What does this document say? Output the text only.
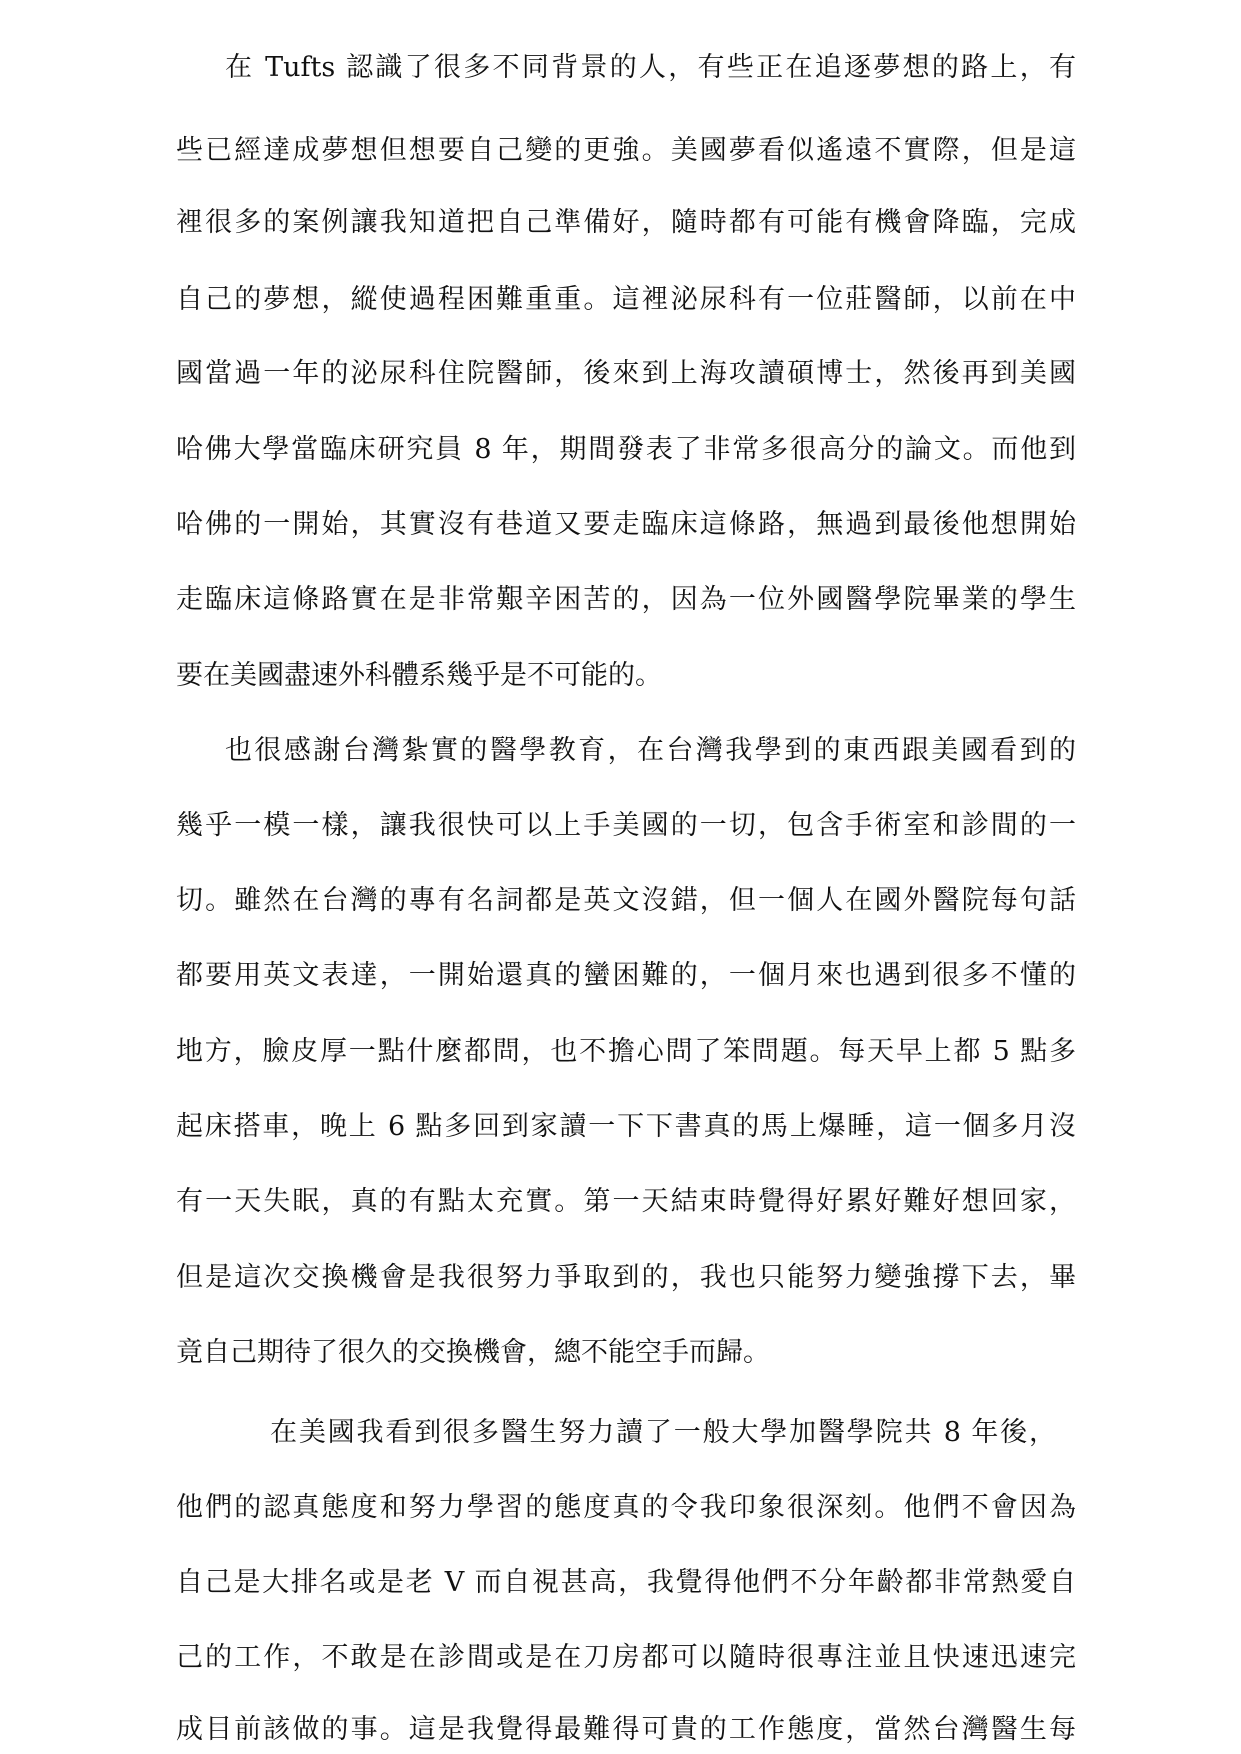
在 Tufts 認識了很多不同背景的人，有些正在追逐夢想的路上，有
些已經達成夢想但想要自己變的更強。美國夢看似遙遠不實際，但是這
裡很多的案例讓我知道把自己準備好，隨時都有可能有機會降臨，完成
自己的夢想，縱使過程困難重重。這裡泌尿科有一位莊醫師，以前在中
國當過一年的泌尿科住院醫師，後來到上海攻讀碩博士，然後再到美國
哈佛大學當臨床研究員 8 年，期間發表了非常多很高分的論文。而他到
哈佛的一開始，其實沒有巷道又要走臨床這條路，無過到最後他想開始
走臨床這條路實在是非常艱辛困苦的，因為一位外國醫學院畢業的學生
要在美國盡速外科體系幾乎是不可能的。
也很感謝台灣紮實的醫學教育，在台灣我學到的東西跟美國看到的
幾乎一模一樣，讓我很快可以上手美國的一切，包含手術室和診間的一
切。雖然在台灣的專有名詞都是英文沒錯，但一個人在國外醫院每句話
都要用英文表達，一開始還真的蠻困難的，一個月來也遇到很多不懂的
地方，臉皮厚一點什麼都問，也不擔心問了笨問題。每天早上都 5 點多
起床搭車，晚上 6 點多回到家讀一下下書真的馬上爆睡，這一個多月沒
有一天失眠，真的有點太充實。第一天結束時覺得好累好難好想回家，
但是這次交換機會是我很努力爭取到的，我也只能努力變強撐下去，畢
竟自己期待了很久的交換機會，總不能空手而歸。
在美國我看到很多醫生努力讀了一般大學加醫學院共 8 年後，
他們的認真態度和努力學習的態度真的令我印象很深刻。他們不會因為
自己是大排名或是老 V 而自視甚高，我覺得他們不分年齡都非常熱愛自
己的工作，不敢是在診間或是在刀房都可以隨時很專注並且快速迅速完
成目前該做的事。這是我覺得最難得可貴的工作態度，當然台灣醫生每
